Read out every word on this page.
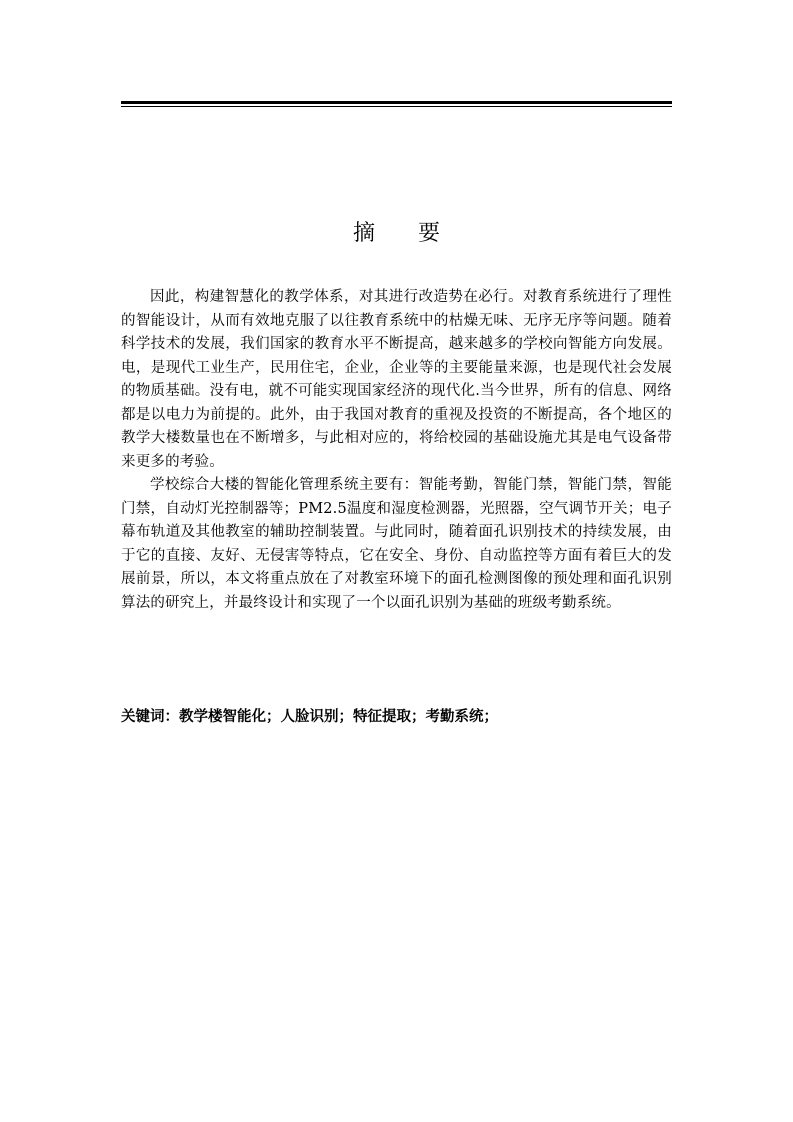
摘 要

因此，构建智慧化的教学体系，对其进行改造势在必行。对教育系统进行了理性的智能设计，从而有效地克服了以往教育系统中的枯燥无味、无序无序等问题。随着科学技术的发展，我们国家的教育水平不断提高，越来越多的学校向智能方向发展。电，是现代工业生产，民用住宅，企业，企业等的主要能量来源，也是现代社会发展的物质基础。没有电，就不可能实现国家经济的现代化.当今世界，所有的信息、网络都是以电力为前提的。此外，由于我国对教育的重视及投资的不断提高，各个地区的教学大楼数量也在不断增多，与此相对应的，将给校园的基础设施尤其是电气设备带来更多的考验。

学校综合大楼的智能化管理系统主要有：智能考勤，智能门禁，智能门禁，智能门禁，自动灯光控制器等；PM2.5温度和湿度检测器，光照器，空气调节开关；电子幕布轨道及其他教室的辅助控制装置。与此同时，随着面孔识别技术的持续发展，由于它的直接、友好、无侵害等特点，它在安全、身份、自动监控等方面有着巨大的发展前景，所以，本文将重点放在了对教室环境下的面孔检测图像的预处理和面孔识别算法的研究上，并最终设计和实现了一个以面孔识别为基础的班级考勤系统。

关键词：教学楼智能化；人脸识别；特征提取；考勤系统；
